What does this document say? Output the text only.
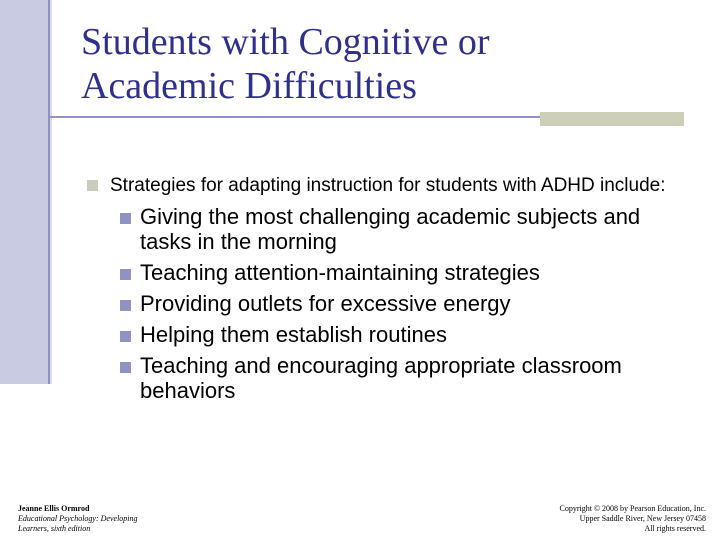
Students with Cognitive or
Academic Difficulties
Strategies for adapting instruction for students with ADHD include:
Giving the most challenging academic subjects and tasks in the morning
Teaching attention-maintaining strategies
Providing outlets for excessive energy
Helping them establish routines
Teaching and encouraging appropriate classroom behaviors
Jeanne Ellis Ormrod
Educational Psychology: Developing
Learners, sixth edition
Copyright © 2008 by Pearson Education, Inc.
Upper Saddle River, New Jersey 07458
All rights reserved.
